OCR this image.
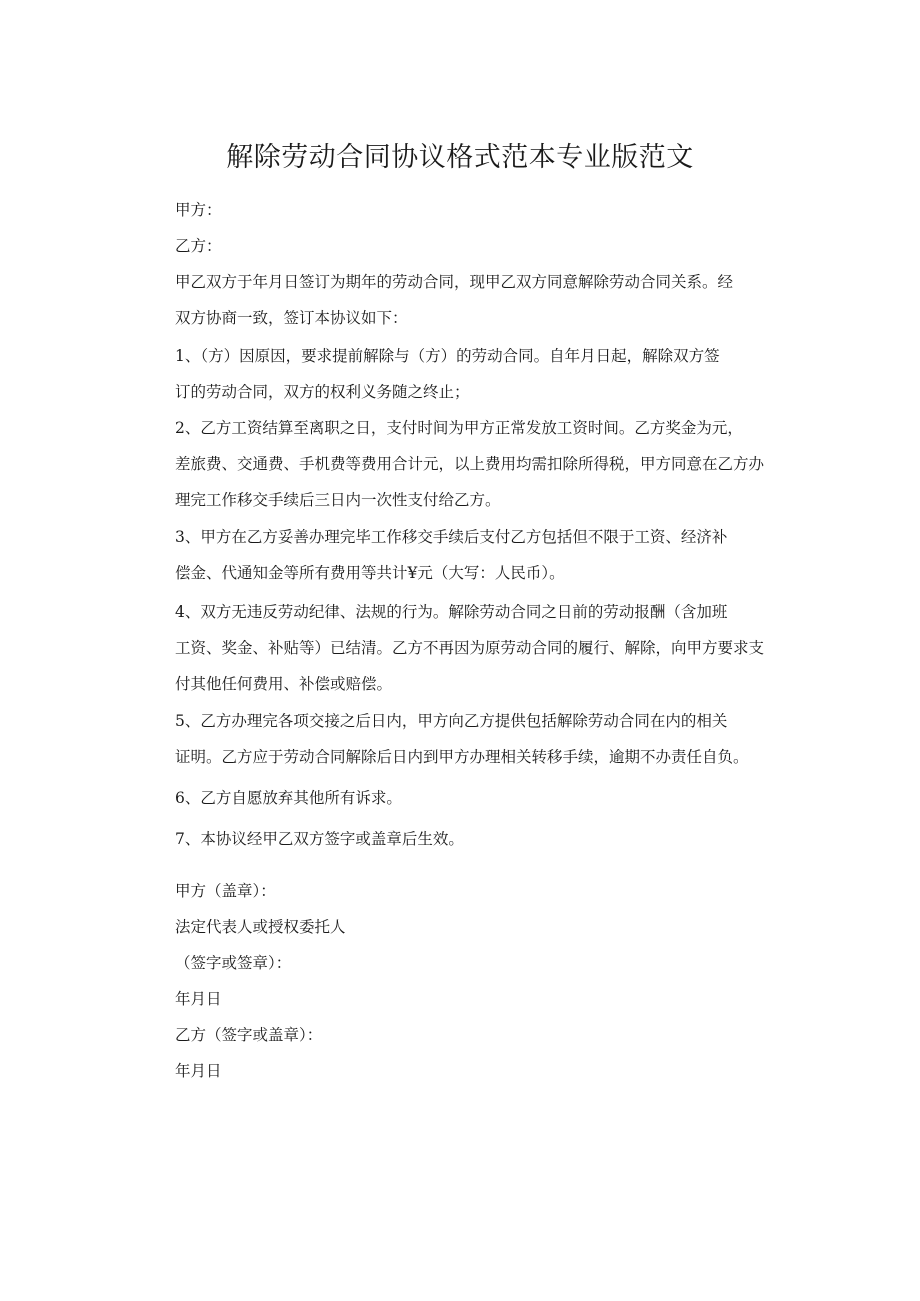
解除劳动合同协议格式范本专业版范文
甲方：
乙方：
甲乙双方于年月日签订为期年的劳动合同，现甲乙双方同意解除劳动合同关系。经
双方协商一致，签订本协议如下：
1、（方）因原因，要求提前解除与（方）的劳动合同。自年月日起，解除双方签
订的劳动合同，双方的权利义务随之终止；
2、乙方工资结算至离职之日，支付时间为甲方正常发放工资时间。乙方奖金为元，
差旅费、交通费、手机费等费用合计元，以上费用均需扣除所得税，甲方同意在乙方办
理完工作移交手续后三日内一次性支付给乙方。
3、甲方在乙方妥善办理完毕工作移交手续后支付乙方包括但不限于工资、经济补
偿金、代通知金等所有费用等共计¥元（大写：人民币）。
4、双方无违反劳动纪律、法规的行为。解除劳动合同之日前的劳动报酬（含加班
工资、奖金、补贴等）已结清。乙方不再因为原劳动合同的履行、解除，向甲方要求支
付其他任何费用、补偿或赔偿。
5、乙方办理完各项交接之后日内，甲方向乙方提供包括解除劳动合同在内的相关
证明。乙方应于劳动合同解除后日内到甲方办理相关转移手续，逾期不办责任自负。
6、乙方自愿放弃其他所有诉求。
7、本协议经甲乙双方签字或盖章后生效。
甲方（盖章）：
法定代表人或授权委托人
（签字或签章）：
年月日
乙方（签字或盖章）：
年月日
